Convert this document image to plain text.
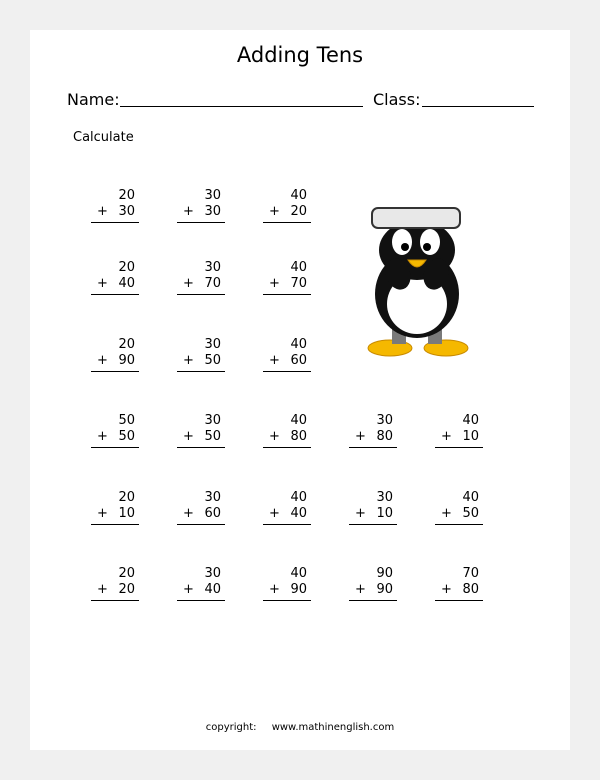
Adding Tens
Name:	Class:
Calculate
20
+ 30
30
+ 30
40
+ 20
20
+ 40
30
+ 70
40
+ 70
20
+ 90
30
+ 50
40
+ 60
50
+ 50
30
+ 50
40
+ 80
30
+ 80
40
+ 10
20
+ 10
30
+ 60
40
+ 40
30
+ 10
40
+ 50
20
+ 20
30
+ 40
40
+ 90
90
+ 90
70
+ 80
copyright: www.mathinenglish.com
